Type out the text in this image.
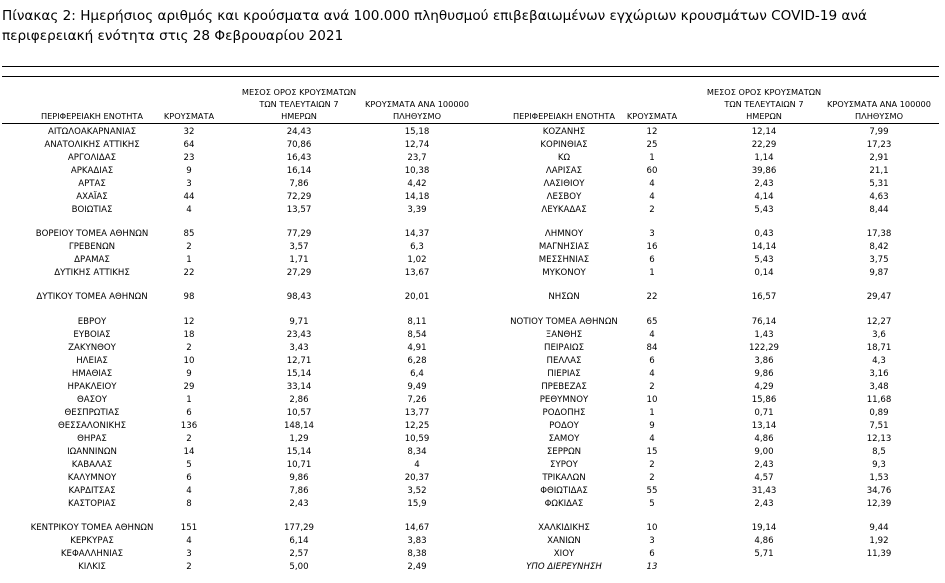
Πίνακας 2: Ημερήσιος αριθμός και κρούσματα ανά 100.000 πληθυσμού επιβεβαιωμένων εγχώριων κρουσμάτων COVID-19 ανά περιφερειακή ενότητα στις 28 Φεβρουαρίου 2021

ΠΕΡΙΦΕΡΕΙΑΚΗ ΕΝΟΤΗΤΑ	ΚΡΟΥΣΜΑΤΑ
ΜΕΣΟΣ ΟΡΟΣ ΚΡΟΥΣΜΑΤΩΝ
ΤΩΝ ΤΕΛΕΥΤΑΙΩΝ 7
ΗΜΕΡΩΝ
ΚΡΟΥΣΜΑΤΑ ΑΝΑ 100000
ΠΛΗΘΥΣΜΟ	ΠΕΡΙΦΕΡΕΙΑΚΗ ΕΝΟΤΗΤΑ	ΚΡΟΥΣΜΑΤΑ
ΜΕΣΟΣ ΟΡΟΣ ΚΡΟΥΣΜΑΤΩΝ
ΤΩΝ ΤΕΛΕΥΤΑΙΩΝ 7
ΗΜΕΡΩΝ
ΚΡΟΥΣΜΑΤΑ ΑΝΑ 100000
ΠΛΗΘΥΣΜΟ
ΑΙΤΩΛΟΑΚΑΡΝΑΝΙΑΣ	32	24,43	15,18	ΚΟΖΑΝΗΣ	12	12,14	7,99
ΑΝΑΤΟΛΙΚΗΣ ΑΤΤΙΚΗΣ	64	70,86	12,74	ΚΟΡΙΝΘΙΑΣ	25	22,29	17,23
ΑΡΓΟΛΙΔΑΣ	23	16,43	23,7	ΚΩ	1	1,14	2,91
ΑΡΚΑΔΙΑΣ	9	16,14	10,38	ΛΑΡΙΣΑΣ	60	39,86	21,1
ΑΡΤΑΣ	3	7,86	4,42	ΛΑΣΙΘΙΟΥ	4	2,43	5,31
ΑΧΑΪΑΣ	44	72,29	14,18	ΛΕΣΒΟΥ	4	4,14	4,63
ΒΟΙΩΤΙΑΣ	4	13,57	3,39	ΛΕΥΚΑΔΑΣ	2	5,43	8,44
ΒΟΡΕΙΟΥ ΤΟΜΕΑ ΑΘΗΝΩΝ	85	77,29	14,37	ΛΗΜΝΟΥ	3	0,43	17,38
ΓΡΕΒΕΝΩΝ	2	3,57	6,3	ΜΑΓΝΗΣΙΑΣ	16	14,14	8,42
ΔΡΑΜΑΣ	1	1,71	1,02	ΜΕΣΣΗΝΙΑΣ	6	5,43	3,75
ΔΥΤΙΚΗΣ ΑΤΤΙΚΗΣ	22	27,29	13,67	ΜΥΚΟΝΟΥ	1	0,14	9,87
ΔΥΤΙΚΟΥ ΤΟΜΕΑ ΑΘΗΝΩΝ	98	98,43	20,01	ΝΗΣΩΝ	22	16,57	29,47
ΕΒΡΟΥ	12	9,71	8,11	ΝΟΤΙΟΥ ΤΟΜΕΑ ΑΘΗΝΩΝ	65	76,14	12,27
ΕΥΒΟΙΑΣ	18	23,43	8,54	ΞΑΝΘΗΣ	4	1,43	3,6
ΖΑΚΥΝΘΟΥ	2	3,43	4,91	ΠΕΙΡΑΙΩΣ	84	122,29	18,71
ΗΛΕΙΑΣ	10	12,71	6,28	ΠΕΛΛΑΣ	6	3,86	4,3
ΗΜΑΘΙΑΣ	9	15,14	6,4	ΠΙΕΡΙΑΣ	4	9,86	3,16
ΗΡΑΚΛΕΙΟΥ	29	33,14	9,49	ΠΡΕΒΕΖΑΣ	2	4,29	3,48
ΘΑΣΟΥ	1	2,86	7,26	ΡΕΘΥΜΝΟΥ	10	15,86	11,68
ΘΕΣΠΡΩΤΙΑΣ	6	10,57	13,77	ΡΟΔΟΠΗΣ	1	0,71	0,89
ΘΕΣΣΑΛΟΝΙΚΗΣ	136	148,14	12,25	ΡΟΔΟΥ	9	13,14	7,51
ΘΗΡΑΣ	2	1,29	10,59	ΣΑΜΟΥ	4	4,86	12,13
ΙΩΑΝΝΙΝΩΝ	14	15,14	8,34	ΣΕΡΡΩΝ	15	9,00	8,5
ΚΑΒΑΛΑΣ	5	10,71	4	ΣΥΡΟΥ	2	2,43	9,3
ΚΑΛΥΜΝΟΥ	6	9,86	20,37	ΤΡΙΚΑΛΩΝ	2	4,57	1,53
ΚΑΡΔΙΤΣΑΣ	4	7,86	3,52	ΦΘΙΩΤΙΔΑΣ	55	31,43	34,76
ΚΑΣΤΟΡΙΑΣ	8	2,43	15,9	ΦΩΚΙΔΑΣ	5	2,43	12,39
ΚΕΝΤΡΙΚΟΥ ΤΟΜΕΑ ΑΘΗΝΩΝ	151	177,29	14,67	ΧΑΛΚΙΔΙΚΗΣ	10	19,14	9,44
ΚΕΡΚΥΡΑΣ	4	6,14	3,83	ΧΑΝΙΩΝ	3	4,86	1,92
ΚΕΦΑΛΛΗΝΙΑΣ	3	2,57	8,38	ΧΙΟΥ	6	5,71	11,39
ΚΙΛΚΙΣ	2	5,00	2,49	ΥΠΟ ΔΙΕΡΕΥΝΗΣΗ	13
